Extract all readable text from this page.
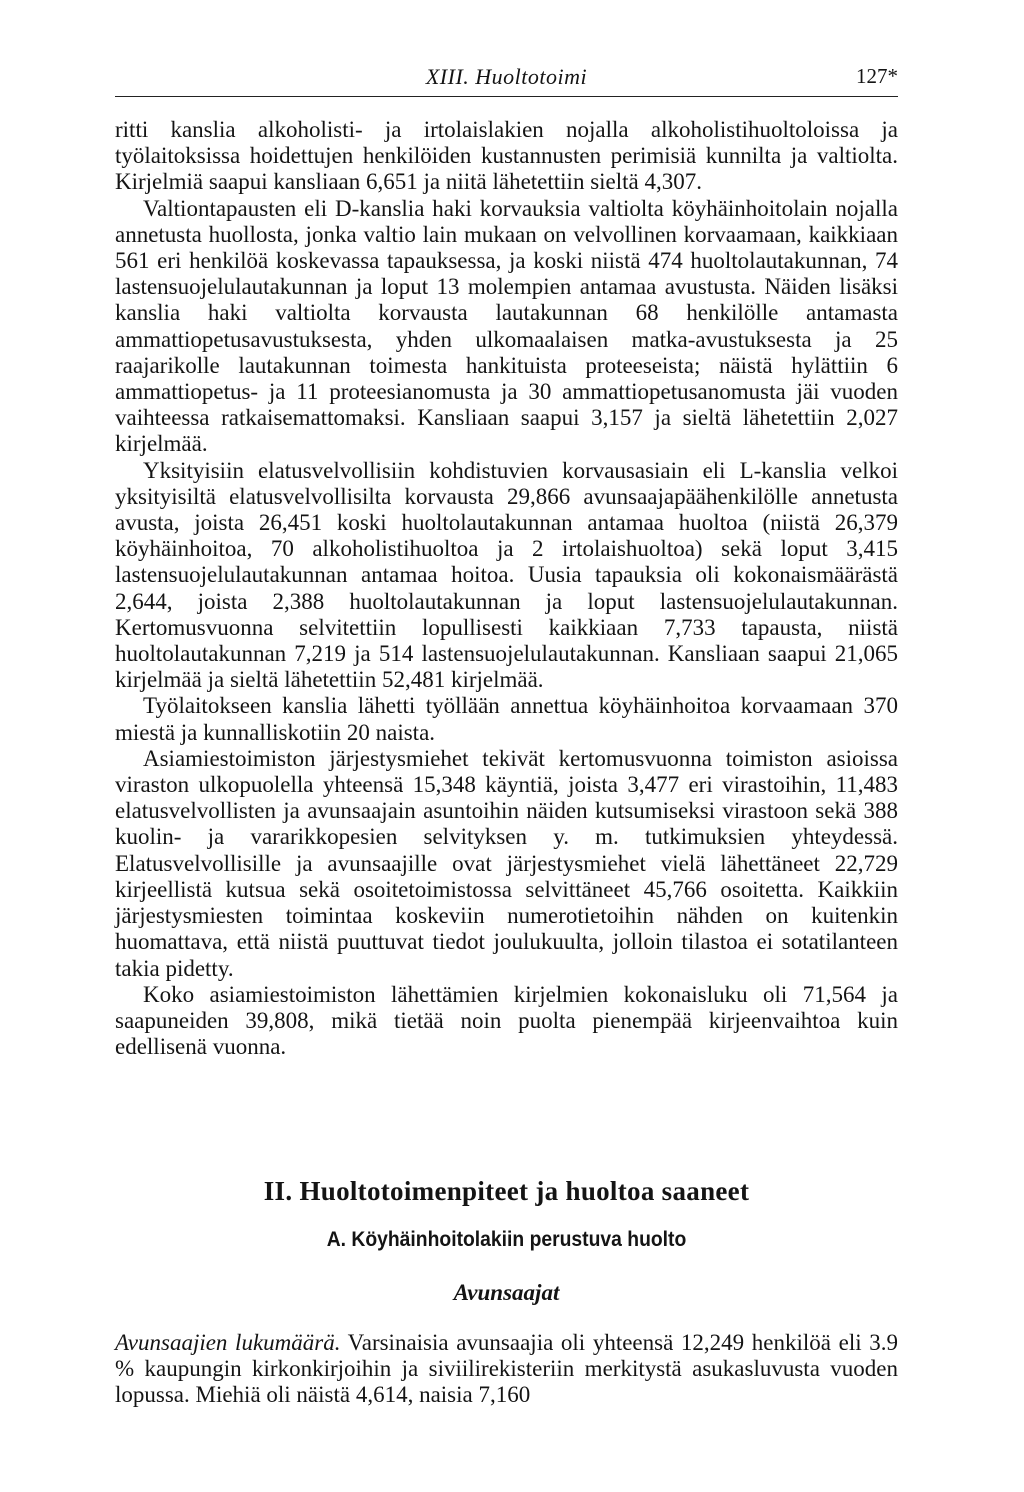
XIII. Huoltotoimi	127*

ritti kanslia alkoholisti- ja irtolaislakien nojalla alkoholistihuoltoloissa ja työlaitoksissa hoidettujen henkilöiden kustannusten perimisiä kunnilta ja valtiolta. Kirjelmiä saapui kansliaan 6,651 ja niitä lähetettiin sieltä 4,307.

Valtiontapausten eli D-kanslia haki korvauksia valtiolta köyhäinhoitolain nojalla annetusta huollosta, jonka valtio lain mukaan on velvollinen korvaamaan, kaikkiaan 561 eri henkilöä koskevassa tapauksessa, ja koski niistä 474 huoltolautakunnan, 74 lastensuojelulautakunnan ja loput 13 molempien antamaa avustusta. Näiden lisäksi kanslia haki valtiolta korvausta lautakunnan 68 henkilölle antamasta ammattiopetusavustuksesta, yhden ulkomaalaisen matka-avustuksesta ja 25 raajarikolle lautakunnan toimesta hankituista proteeseista; näistä hylättiin 6 ammattiopetus- ja 11 proteesianomusta ja 30 ammattiopetusanomusta jäi vuoden vaihteessa ratkaisemattomaksi. Kansliaan saapui 3,157 ja sieltä lähetettiin 2,027 kirjelmää.

Yksityisiin elatusvelvollisiin kohdistuvien korvausasiain eli L-kanslia velkoi yksityisiltä elatusvelvollisilta korvausta 29,866 avunsaajapäähenkilölle annetusta avusta, joista 26,451 koski huoltolautakunnan antamaa huoltoa (niistä 26,379 köyhäinhoitoa, 70 alkoholistihuoltoa ja 2 irtolaishuoltoa) sekä loput 3,415 lastensuojelulautakunnan antamaa hoitoa. Uusia tapauksia oli kokonaismäärästä 2,644, joista 2,388 huoltolautakunnan ja loput lastensuojelulautakunnan. Kertomusvuonna selvitettiin lopullisesti kaikkiaan 7,733 tapausta, niistä huoltolautakunnan 7,219 ja 514 lastensuojelulautakunnan. Kansliaan saapui 21,065 kirjelmää ja sieltä lähetettiin 52,481 kirjelmää.

Työlaitokseen kanslia lähetti työllään annettua köyhäinhoitoa korvaamaan 370 miestä ja kunnalliskotiin 20 naista.

Asiamiestoimiston järjestysmiehet tekivät kertomusvuonna toimiston asioissa viraston ulkopuolella yhteensä 15,348 käyntiä, joista 3,477 eri virastoihin, 11,483 elatusvelvollisten ja avunsaajain asuntoihin näiden kutsumiseksi virastoon sekä 388 kuolin- ja vararikkopesien selvityksen y. m. tutkimuksien yhteydessä. Elatusvelvollisille ja avunsaajille ovat järjestysmiehet vielä lähettäneet 22,729 kirjeellistä kutsua sekä osoitetoimistossa selvittäneet 45,766 osoitetta. Kaikkiin järjestysmiesten toimintaa koskeviin numerotietoihin nähden on kuitenkin huomattava, että niistä puuttuvat tiedot joulukuulta, jolloin tilastoa ei sotatilanteen takia pidetty.

Koko asiamiestoimiston lähettämien kirjelmien kokonaisluku oli 71,564 ja saapuneiden 39,808, mikä tietää noin puolta pienempää kirjeenvaihtoa kuin edellisenä vuonna.

II. Huoltotoimenpiteet ja huoltoa saaneet
A. Köyhäinhoitolakiin perustuva huolto
Avunsaajat

Avunsaajien lukumäärä. Varsinaisia avunsaajia oli yhteensä 12,249 henkilöä eli 3.9 % kaupungin kirkonkirjoihin ja siviilirekisteriin merkitystä asukasluvusta vuoden lopussa. Miehiä oli näistä 4,614, naisia 7,160
